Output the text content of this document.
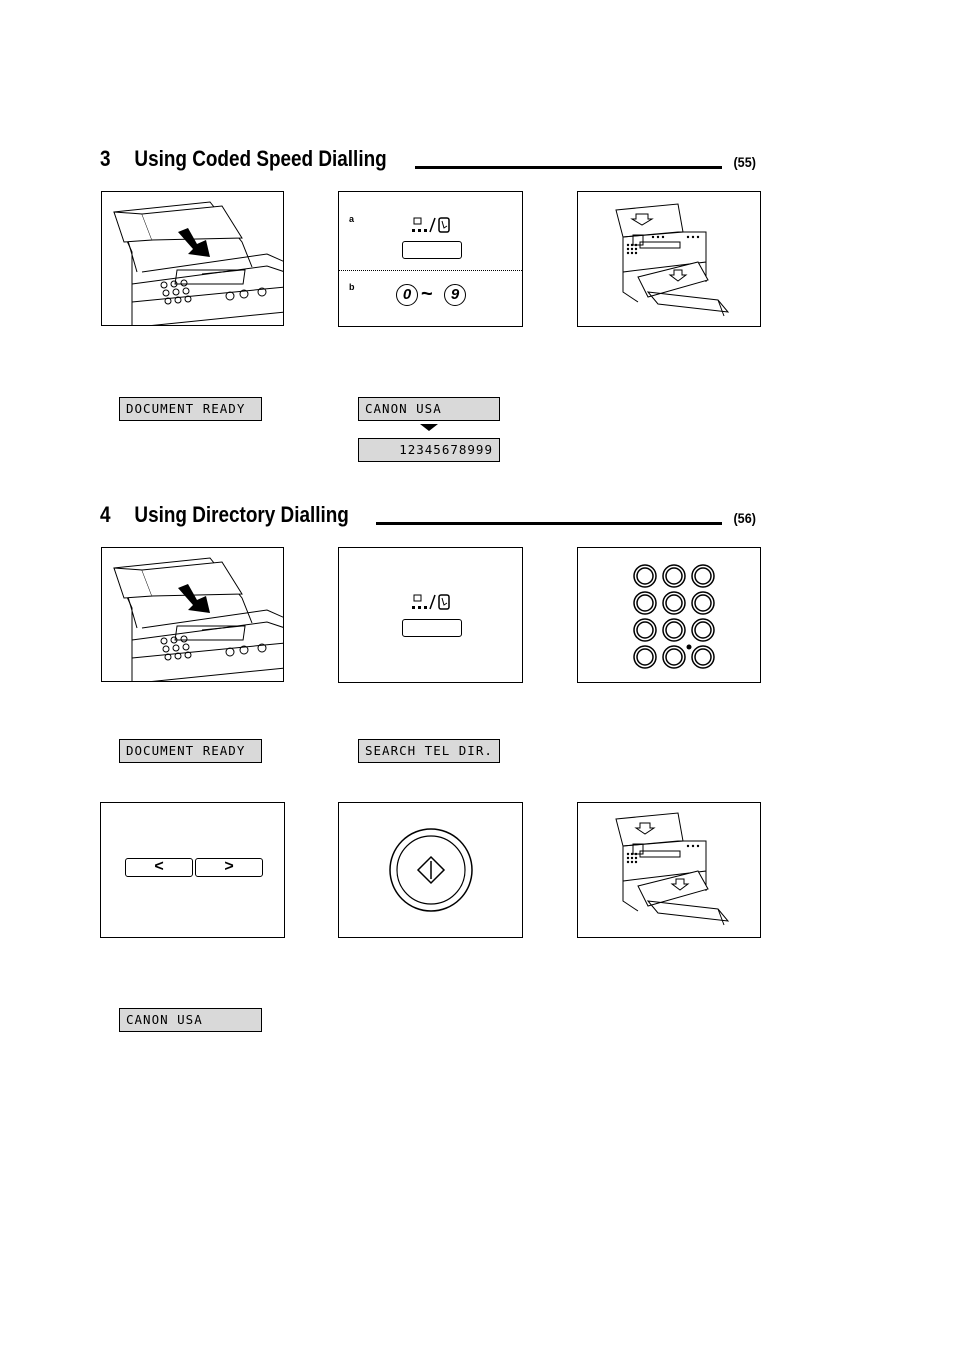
3 Using Coded Speed Dialling	(55)
a
b	0 ~	9
DOCUMENT READY	CANON USA
12345678999
4 Using Directory Dialling	(56)
DOCUMENT READY	SEARCH TEL DIR.
<	>
CANON USA
